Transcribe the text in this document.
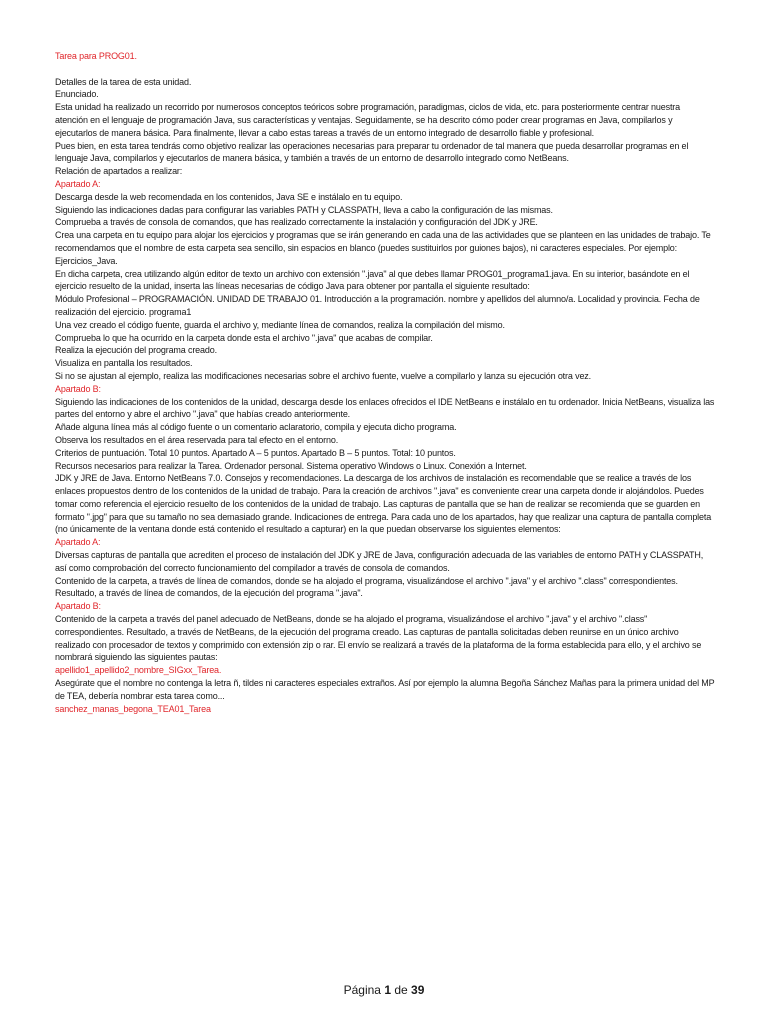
Tarea para PROG01.

Detalles de la tarea de esta unidad.

Enunciado.

Esta unidad ha realizado un recorrido por numerosos conceptos teóricos sobre programación, paradigmas, ciclos de vida, etc. para posteriormente centrar nuestra atención en el lenguaje de programación Java, sus características y ventajas. Seguidamente, se ha descrito cómo poder crear programas en Java, compilarlos y ejecutarlos de manera básica. Para finalmente, llevar a cabo estas tareas a través de un entorno integrado de desarrollo fiable y profesional.

Pues bien, en esta tarea tendrás como objetivo realizar las operaciones necesarias para preparar tu ordenador de tal manera que pueda desarrollar programas en el lenguaje Java, compilarlos y ejecutarlos de manera básica, y también a través de un entorno de desarrollo integrado como NetBeans.

Relación de apartados a realizar:

Apartado A:

Descarga desde la web recomendada en los contenidos, Java SE e instálalo en tu equipo.

Siguiendo las indicaciones dadas para configurar las variables PATH y CLASSPATH, lleva a cabo la configuración de las mismas.

Comprueba a través de consola de comandos, que has realizado correctamente la instalación y configuración del JDK y JRE.

Crea una carpeta en tu equipo para alojar los ejercicios y programas que se irán generando en cada una de las actividades que se planteen en las unidades de trabajo. Te recomendamos que el nombre de esta carpeta sea sencillo, sin espacios en blanco (puedes sustituirlos por guiones bajos), ni caracteres especiales. Por ejemplo: Ejercicios_Java.

En dicha carpeta, crea utilizando algún editor de texto un archivo con extensión ".java" al que debes llamar PROG01_programa1.java. En su interior, basándote en el ejercicio resuelto de la unidad, inserta las líneas necesarias de código Java para obtener por pantalla el siguiente resultado:

Módulo Profesional – PROGRAMACIÓN. UNIDAD DE TRABAJO 01. Introducción a la programación. nombre y apellidos del alumno/a. Localidad y provincia. Fecha de realización del ejercicio. programa1

Una vez creado el código fuente, guarda el archivo y, mediante línea de comandos, realiza la compilación del mismo.

Comprueba lo que ha ocurrido en la carpeta donde esta el archivo ".java" que acabas de compilar.

Realiza la ejecución del programa creado.

Visualiza en pantalla los resultados.

Si no se ajustan al ejemplo, realiza las modificaciones necesarias sobre el archivo fuente, vuelve a compilarlo y lanza su ejecución otra vez.

Apartado B:

Siguiendo las indicaciones de los contenidos de la unidad, descarga desde los enlaces ofrecidos el IDE NetBeans e instálalo en tu ordenador. Inicia NetBeans, visualiza las partes del entorno y abre el archivo ".java" que habías creado anteriormente.

Añade alguna línea más al código fuente o un comentario aclaratorio, compila y ejecuta dicho programa.

Observa los resultados en el área reservada para tal efecto en el entorno.

Criterios de puntuación. Total 10 puntos. Apartado A – 5 puntos. Apartado B – 5 puntos. Total: 10 puntos.

Recursos necesarios para realizar la Tarea. Ordenador personal. Sistema operativo Windows o Linux. Conexión a Internet.

JDK y JRE de Java. Entorno NetBeans 7.0. Consejos y recomendaciones. La descarga de los archivos de instalación es recomendable que se realice a través de los enlaces propuestos dentro de los contenidos de la unidad de trabajo. Para la creación de archivos ".java" es conveniente crear una carpeta donde ir alojándolos. Puedes tomar como referencia el ejercicio resuelto de los contenidos de la unidad de trabajo. Las capturas de pantalla que se han de realizar se recomienda que se guarden en formato ".jpg" para que su tamaño no sea demasiado grande. Indicaciones de entrega. Para cada uno de los apartados, hay que realizar una captura de pantalla completa (no únicamente de la ventana donde está contenido el resultado a capturar) en la que puedan observarse los siguientes elementos:

Apartado A:

Diversas capturas de pantalla que acrediten el proceso de instalación del JDK y JRE de Java, configuración adecuada de las variables de entorno PATH y CLASSPATH, así como comprobación del correcto funcionamiento del compilador a través de consola de comandos.

Contenido de la carpeta, a través de línea de comandos, donde se ha alojado el programa, visualizándose el archivo ".java" y el archivo ".class" correspondientes.

Resultado, a través de línea de comandos, de la ejecución del programa ".java".

Apartado B:

Contenido de la carpeta a través del panel adecuado de NetBeans, donde se ha alojado el programa, visualizándose el archivo ".java" y el archivo ".class" correspondientes. Resultado, a través de NetBeans, de la ejecución del programa creado. Las capturas de pantalla solicitadas deben reunirse en un único archivo realizado con procesador de textos y comprimido con extensión zip o rar. El envío se realizará a través de la plataforma de la forma establecida para ello, y el archivo se nombrará siguiendo las siguientes pautas:

apellido1_apellido2_nombre_SIGxx_Tarea.

Asegúrate que el nombre no contenga la letra ñ, tildes ni caracteres especiales extraños. Así por ejemplo la alumna Begoña Sánchez Mañas para la primera unidad del MP de TEA, debería nombrar esta tarea como...

sanchez_manas_begona_TEA01_Tarea

Página 1 de 39
